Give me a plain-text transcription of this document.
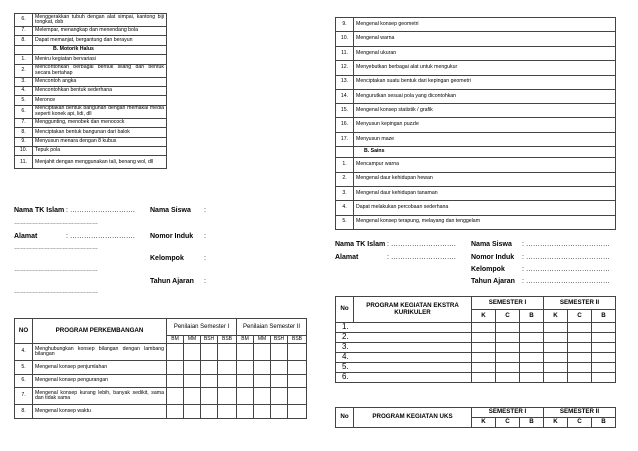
6.	Menggerakkan tubuh dengan alat simpai, kantong biji tongkat, dsb
7.	Melempar, menangkap dan menendang bola
8.	Dapat memanjat, bergantung dan berayun
	B. Motorik Halus
1.	Meniru kegiatan bervariasi
2.	Mencontohkan berbagai bentuk silang dan bentuk secara bertahap
3.	Mencontoh angka
4.	Mencontohkan bentuk sederhana
5.	Meronce
6.	Menciptakan bentuk bangunan dengan memakai media seperti konek api, lidi, dll
7.	Menggunting, menobek dan menocock
8.	Menciptakan bentuk bangunan dari balok
9.	Menyusun menara dengan 8 kubus
10.	Tepuk pola
11.	Menjahit dengan menggunakan tali, benang wol, dll
Nama TK Islam : ………………………. Nama Siswa :
……………………………………
Alamat	: ………………………. Nomor Induk :
……………………………………
Kelompok	:
……………………………………
Tahun Ajaran :
……………………………………
NO	PROGRAM PERKEMBANGAN	Penilaian Semester I				Penilaian Semester II			
		BM	MM	BSH	BSB	BM	MM	BSH	BSB
4.	Menghubungkan konsep bilangan dengan lambang bilangan								
5.	Mengenal konsep penjumlahan								
6.	Mengenal konsep pengurangan								
7.	Mengenal konsep kurang lebih, banyak sedikit, sama dan tidak sama								
8.	Mengenal konsep waktu								
9.	Mengenal konsep geometri
10.	Mengenal warna
11.	Mengenal ukuran
12.	Menyebutkan berbagai alat untuk mengukur
13.	Menciptakan suatu bentuk dari kepingan geometri
14.	Mengurutkan sesuai pola yang dicontohkan
15.	Mengenal konsep statistik / grafik
16.	Menyusun kepingan puzzle
17.	Menyusun maze
	B. Sains
1.	Mencampur warna
2.	Mengenal daur kehidupan hewan
3.	Mengenal daur kehidupan tanaman
4.	Dapat melakukan percobaan sederhana
5.	Mengenal konsep terapung, melayang dan tenggelam
Nama TK Islam : ………………………. Nama Siswa : ………………………………
Alamat	: ………………………. Nomor Induk : ………………………………
Kelompok : ………………………………
Tahun Ajaran : ………………………………
No	PROGRAM KEGIATAN EKSTRA KURIKULER	SEMESTER I			SEMESTER II		
		K	C	B	K	C	B
1.							
2.							
3.							
4.							
5.							
6.							
No	PROGRAM KEGIATAN UKS	SEMESTER I			SEMESTER II		
		K	C	B	K	C	B
